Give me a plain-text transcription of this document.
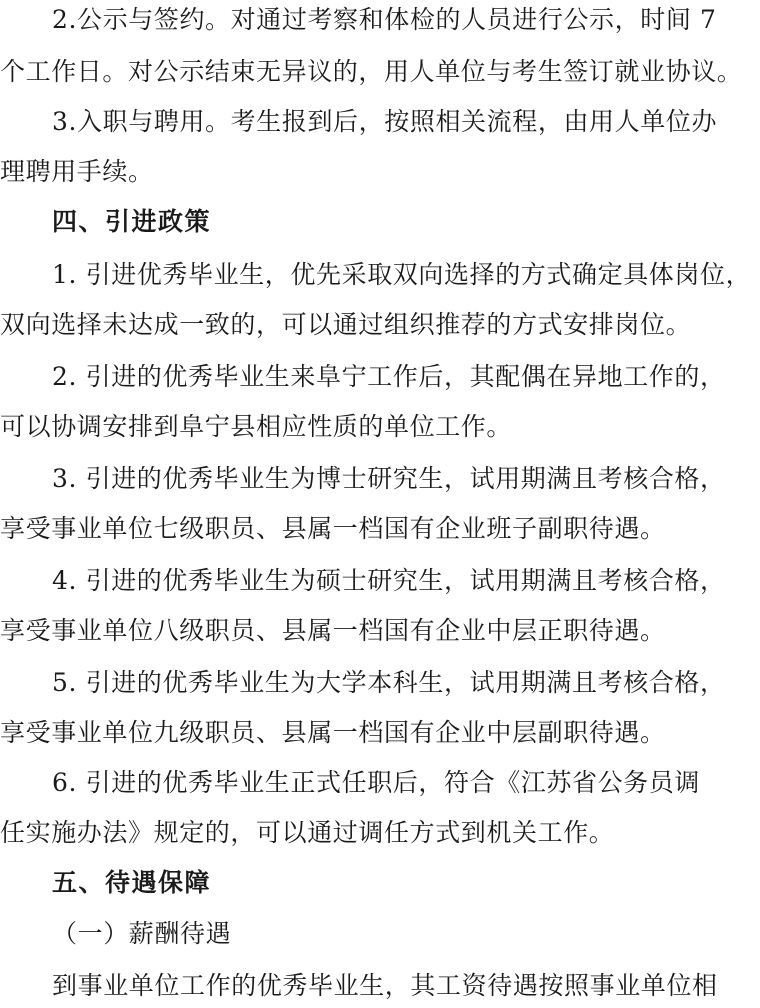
2.公示与签约。对通过考察和体检的人员进行公示，时间 7
个工作日。对公示结束无异议的，用人单位与考生签订就业协议。
3.入职与聘用。考生报到后，按照相关流程，由用人单位办
理聘用手续。
四、引进政策
1. 引进优秀毕业生，优先采取双向选择的方式确定具体岗位，
双向选择未达成一致的，可以通过组织推荐的方式安排岗位。
2. 引进的优秀毕业生来阜宁工作后，其配偶在异地工作的，
可以协调安排到阜宁县相应性质的单位工作。
3. 引进的优秀毕业生为博士研究生，试用期满且考核合格，
享受事业单位七级职员、县属一档国有企业班子副职待遇。
4. 引进的优秀毕业生为硕士研究生，试用期满且考核合格，
享受事业单位八级职员、县属一档国有企业中层正职待遇。
5. 引进的优秀毕业生为大学本科生，试用期满且考核合格，
享受事业单位九级职员、县属一档国有企业中层副职待遇。
6. 引进的优秀毕业生正式任职后，符合《江苏省公务员调
任实施办法》规定的，可以通过调任方式到机关工作。
五、待遇保障
（一）薪酬待遇
到事业单位工作的优秀毕业生，其工资待遇按照事业单位相
